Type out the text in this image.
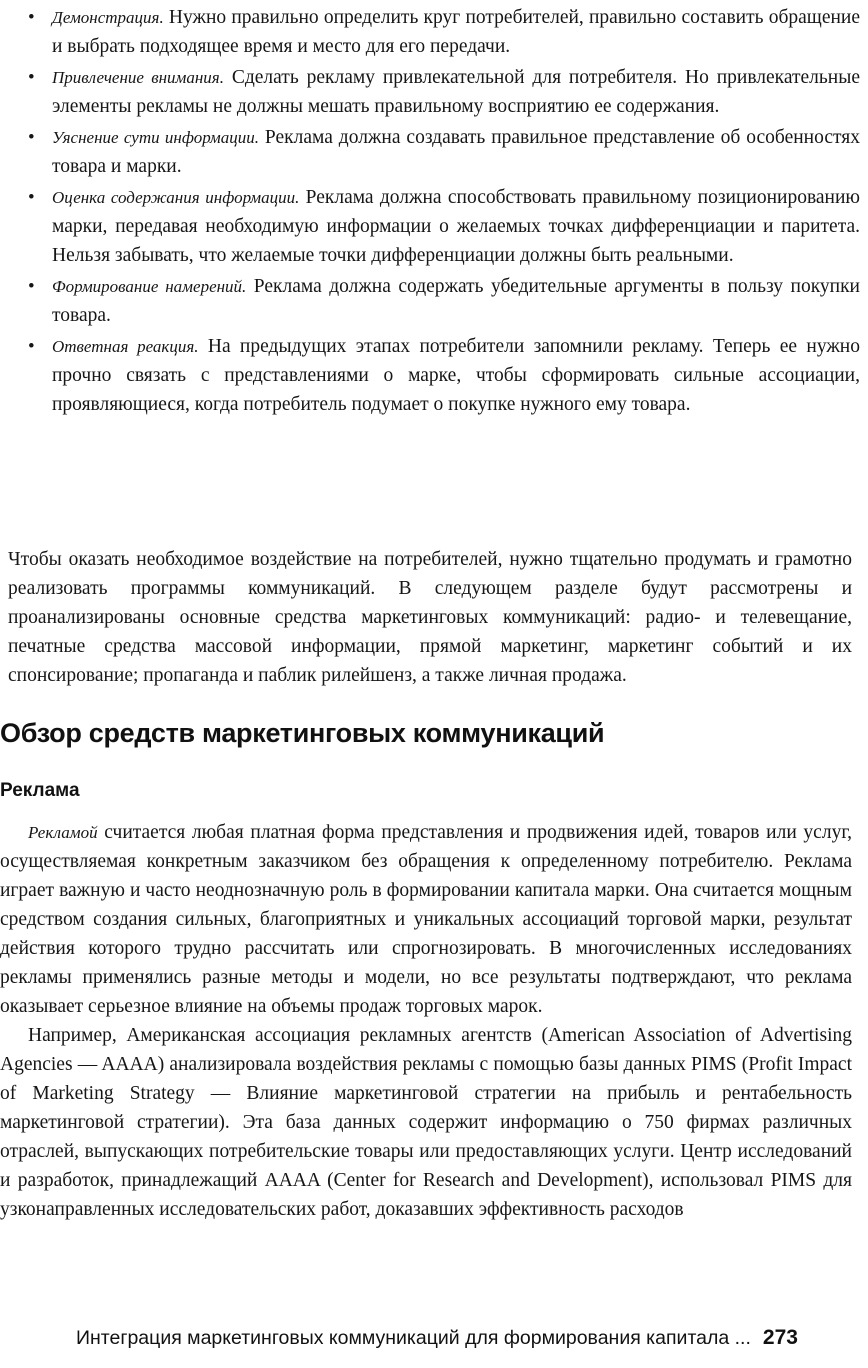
• Демонстрация. Нужно правильно определить круг потребителей, правильно составить обращение и выбрать подходящее время и место для его передачи.
• Привлечение внимания. Сделать рекламу привлекательной для потребителя. Но привлекательные элементы рекламы не должны мешать правильному восприятию ее содержания.
• Уяснение сути информации. Реклама должна создавать правильное представление об особенностях товара и марки.
• Оценка содержания информации. Реклама должна способствовать правильному позиционированию марки, передавая необходимую информации о желаемых точках дифференциации и паритета. Нельзя забывать, что желаемые точки дифференциации должны быть реальными.
• Формирование намерений. Реклама должна содержать убедительные аргументы в пользу покупки товара.
• Ответная реакция. На предыдущих этапах потребители запомнили рекламу. Теперь ее нужно прочно связать с представлениями о марке, чтобы сформировать сильные ассоциации, проявляющиеся, когда потребитель подумает о покупке нужного ему товара.

Чтобы оказать необходимое воздействие на потребителей, нужно тщательно продумать и грамотно реализовать программы коммуникаций. В следующем разделе будут рассмотрены и проанализированы основные средства маркетинговых коммуникаций: радио- и телевещание, печатные средства массовой информации, прямой маркетинг, маркетинг событий и их спонсирование; пропаганда и паблик рилейшенз, а также личная продажа.

Обзор средств маркетинговых коммуникаций
Реклама

Рекламой считается любая платная форма представления и продвижения идей, товаров или услуг, осуществляемая конкретным заказчиком без обращения к определенному потребителю. Реклама играет важную и часто неоднозначную роль в формировании капитала марки. Она считается мощным средством создания сильных, благоприятных и уникальных ассоциаций торговой марки, результат действия которого трудно рассчитать или спрогнозировать. В многочисленных исследованиях рекламы применялись разные методы и модели, но все результаты подтверждают, что реклама оказывает серьезное влияние на объемы продаж торговых марок.

Например, Американская ассоциация рекламных агентств (American Association of Advertising Agencies — AAAA) анализировала воздействия рекламы с помощью базы данных PIMS (Profit Impact of Marketing Strategy — Влияние маркетинговой стратегии на прибыль и рентабельность маркетинговой стратегии). Эта база данных содержит информацию о 750 фирмах различных отраслей, выпускающих потребительские товары или предоставляющих услуги. Центр исследований и разработок, принадлежащий AAAA (Center for Research and Development), использовал PIMS для узконаправленных исследовательских работ, доказавших эффективность расходов

Интеграция маркетинговых коммуникаций для формирования капитала ... 273
